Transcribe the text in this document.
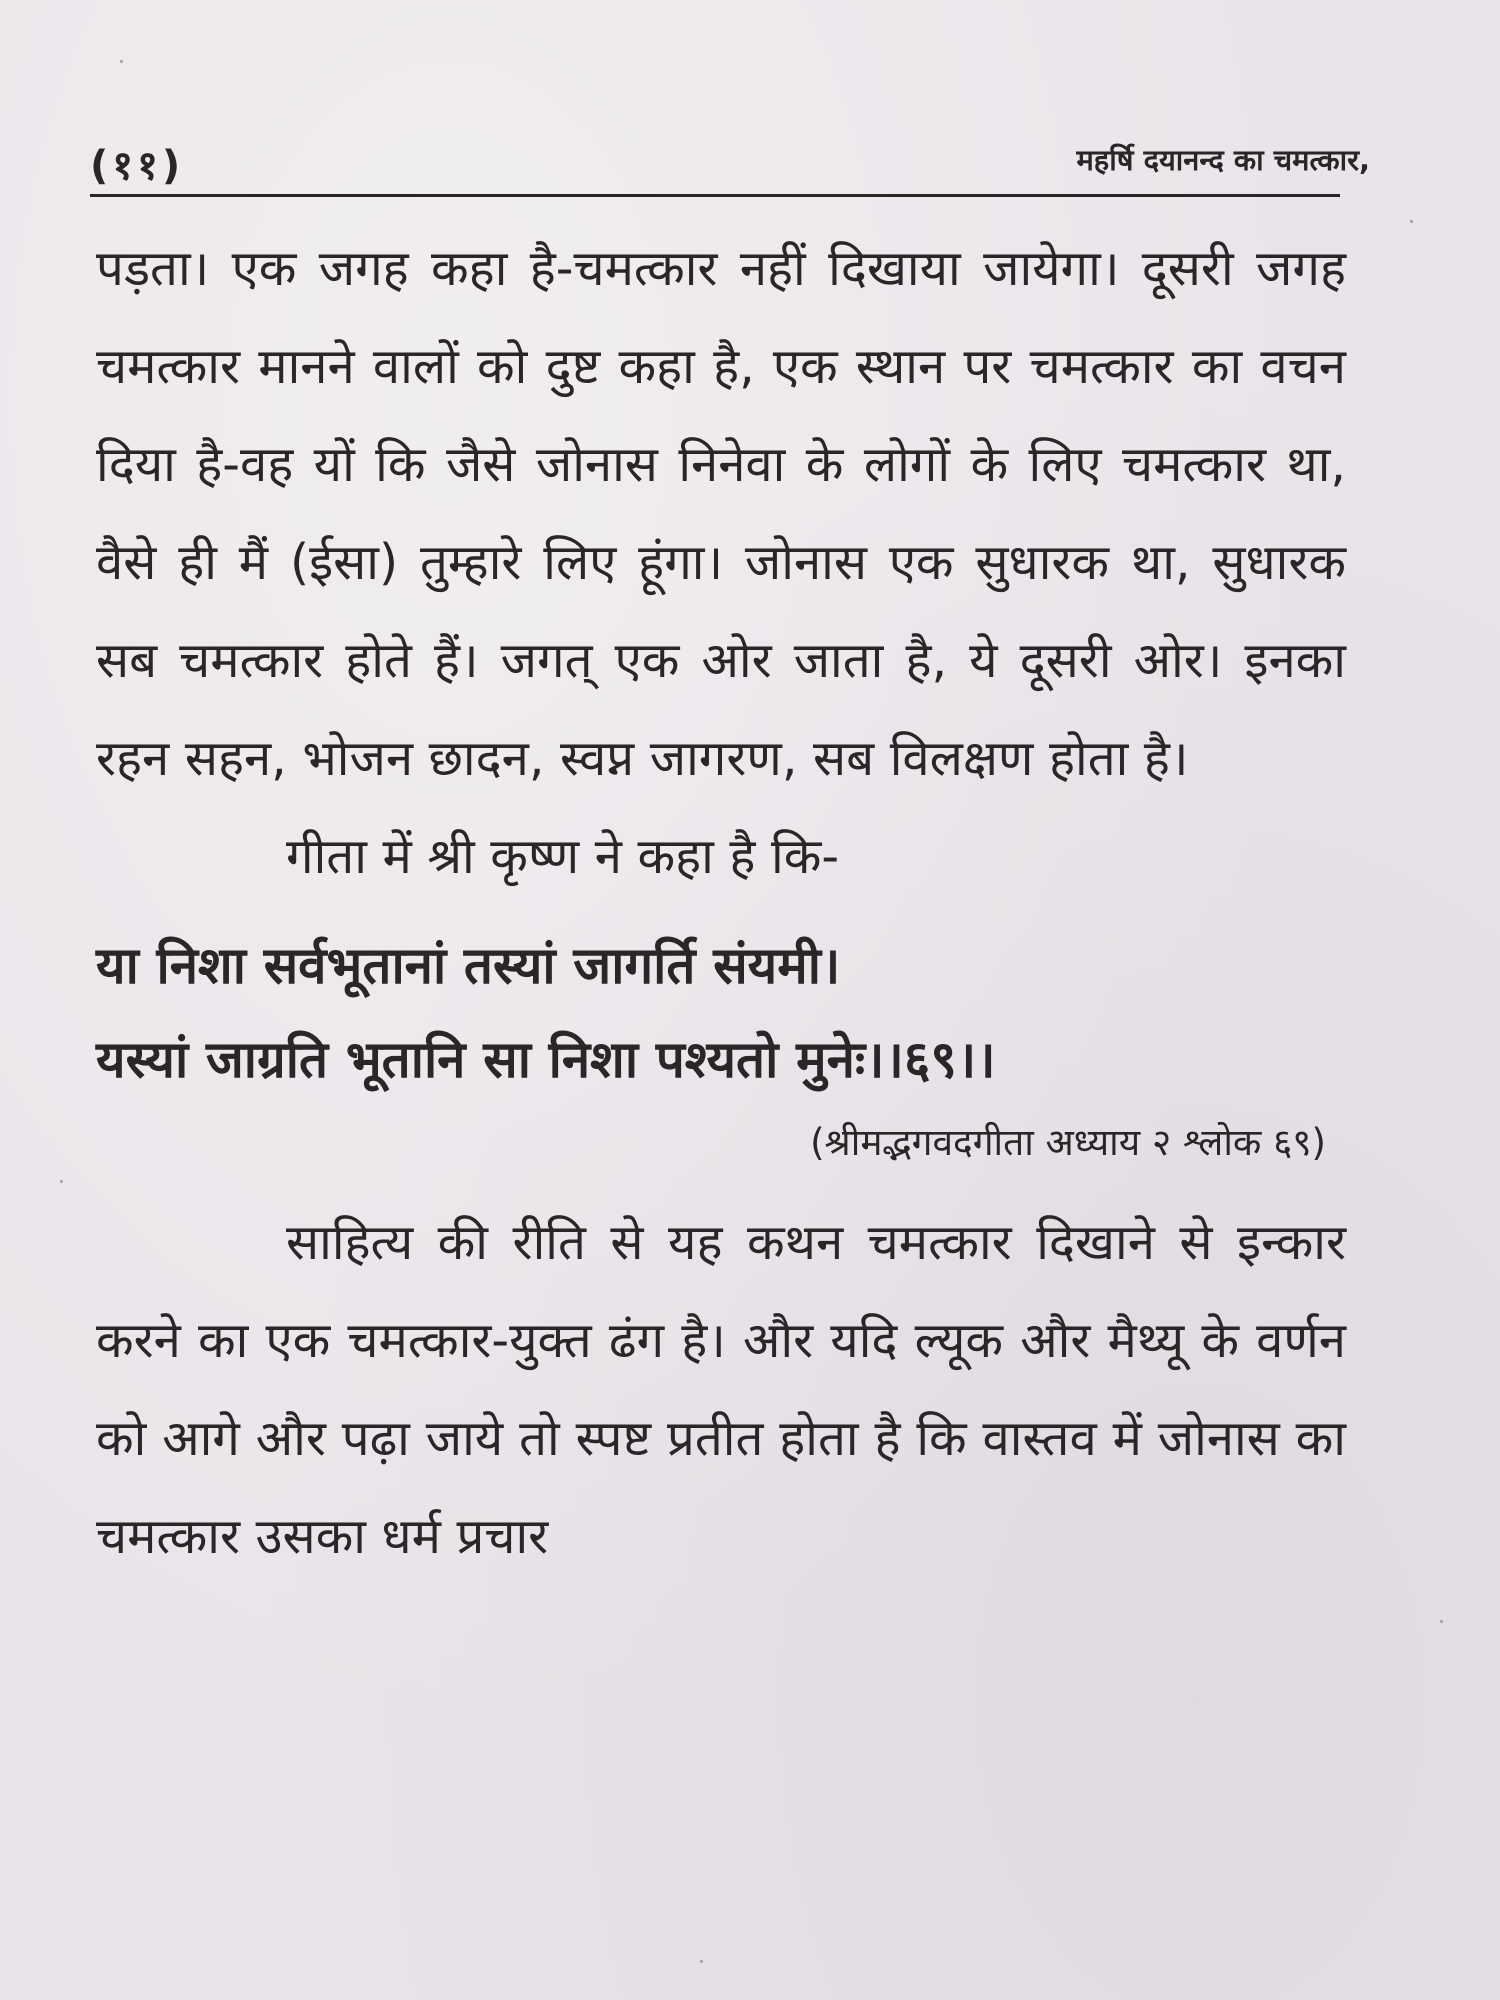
(११)	महर्षि दयानन्द का चमत्कार,

पड़ता। एक जगह कहा है-चमत्कार नहीं दिखाया जायेगा। दूसरी जगह चमत्कार मानने वालों को दुष्ट कहा है, एक स्थान पर चमत्कार का वचन दिया है-वह यों कि जैसे जोनास निनेवा के लोगों के लिए चमत्कार था, वैसे ही मैं (ईसा) तुम्हारे लिए हूंगा। जोनास एक सुधारक था, सुधारक सब चमत्कार होते हैं। जगत् एक ओर जाता है, ये दूसरी ओर। इनका रहन सहन, भोजन छादन, स्वप्न जागरण, सब विलक्षण होता है।

गीता में श्री कृष्ण ने कहा है कि-

या निशा सर्वभूतानां तस्यां जागर्ति संयमी।
यस्यां जाग्रति भूतानि सा निशा पश्यतो मुनेः।।६९।।
(श्रीमद्भगवदगीता अध्याय २ श्लोक ६९)

साहित्य की रीति से यह कथन चमत्कार दिखाने से इन्कार करने का एक चमत्कार-युक्त ढंग है। और यदि ल्यूक और मैथ्यू के वर्णन को आगे और पढ़ा जाये तो स्पष्ट प्रतीत होता है कि वास्तव में जोनास का चमत्कार उसका धर्म प्रचार
